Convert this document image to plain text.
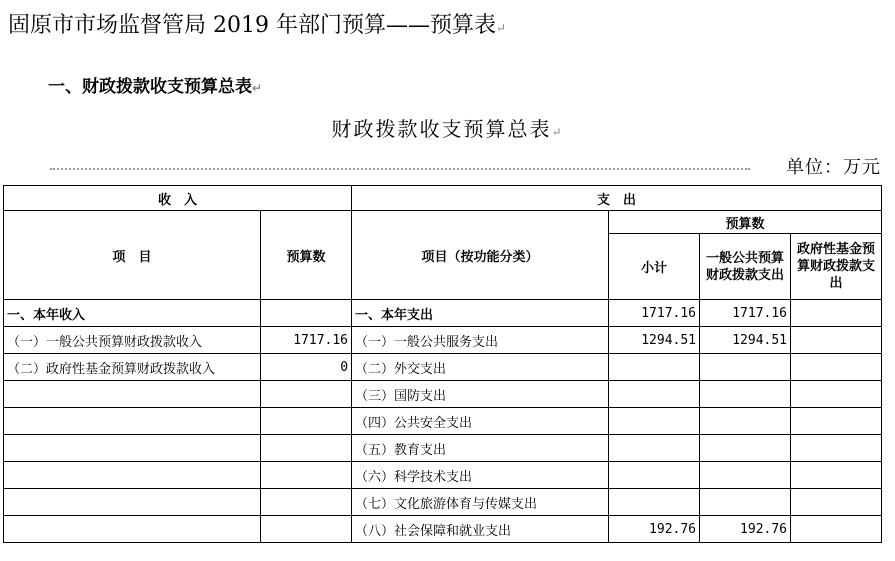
固原市市场监督管局 2019 年部门预算——预算表↵
一、财政拨款收支预算总表↵
财政拨款收支预算总表↵
单位：万元
收　入		支　出			
项　目	预算数	项目（按功能分类）	预算数		
			小计	一般公共预算财政拨款支出	政府性基金预算财政拨款支出
一、本年收入		一、本年支出	1717.16	1717.16	
（一）一般公共预算财政拨款收入	1717.16	（一）一般公共服务支出	1294.51	1294.51	
（二）政府性基金预算财政拨款收入	0	（二）外交支出			
		（三）国防支出			
		（四）公共安全支出			
		（五）教育支出			
		（六）科学技术支出			
		（七）文化旅游体育与传媒支出			
		（八）社会保障和就业支出	192.76	192.76	
